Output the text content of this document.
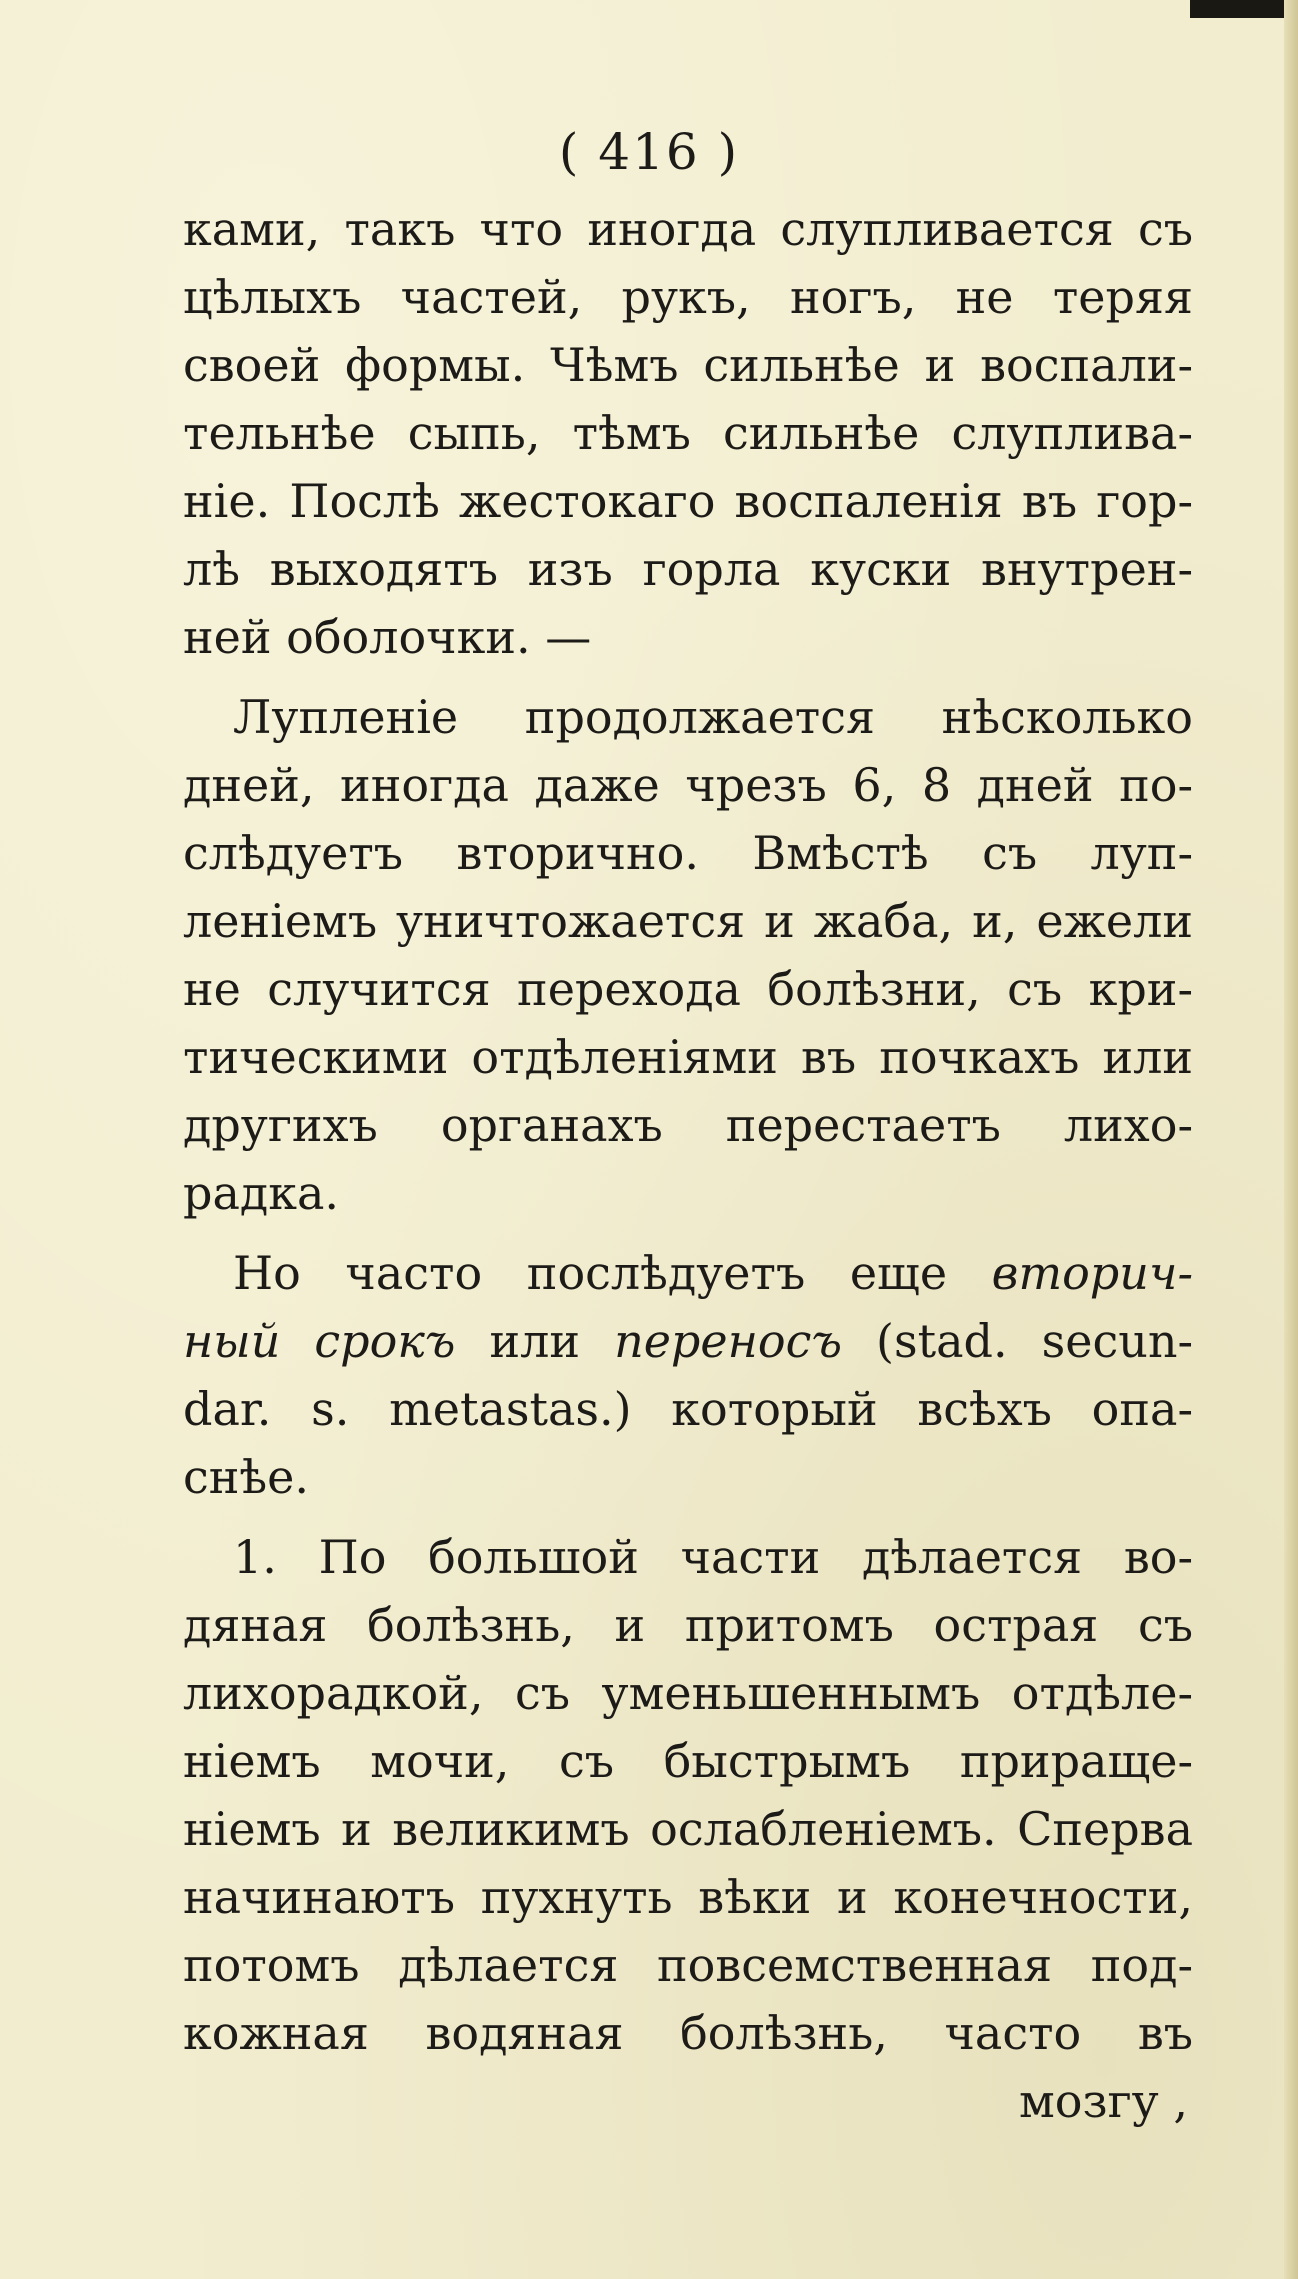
( 416 )
ками, такъ что иногда слупливается съ
цѣлыхъ частей, рукъ, ногъ, не теряя
своей формы. Чѣмъ сильнѣе и воспали-
тельнѣе сыпь, тѣмъ сильнѣе слуплива-
ніе. Послѣ жестокаго воспаленія въ гор-
лѣ выходятъ изъ горла куски внутрен-
ней оболочки. —
Лупленіе продолжается нѣсколько
дней, иногда даже чрезъ 6, 8 дней по-
слѣдуетъ вторично. Вмѣстѣ съ луп-
леніемъ уничтожается и жаба, и, ежели
не случится перехода болѣзни, съ кри-
тическими отдѣленіями въ почкахъ или
другихъ органахъ перестаетъ лихо-
радка.
Но часто послѣдуетъ еще вторич-
ный срокъ или переносъ (stad. secun-
dar. s. metastas.) который всѣхъ опа-
снѣе.
1. По большой части дѣлается во-
дяная болѣзнь, и притомъ острая съ
лихорадкой, съ уменьшеннымъ отдѣле-
ніемъ мочи, съ быстрымъ приращe-
ніемъ и великимъ ослабленіемъ. Сперва
начинаютъ пухнуть вѣки и конечности,
потомъ дѣлается повсемственная под-
кожная водяная болѣзнь, часто въ
мозгу ,
